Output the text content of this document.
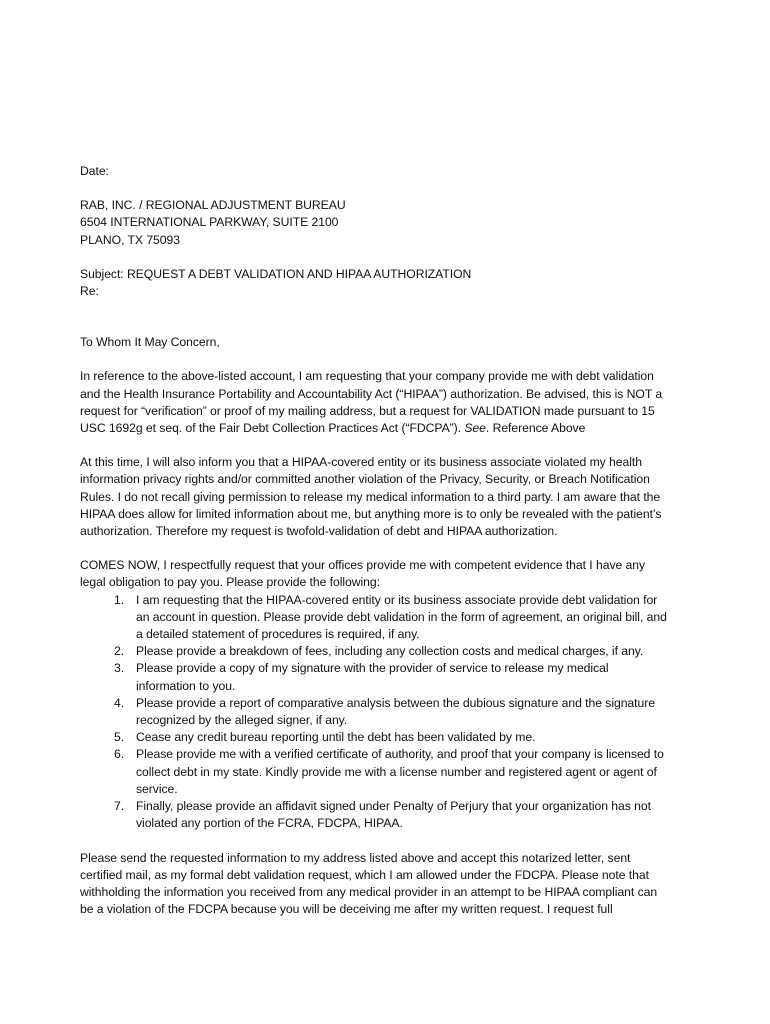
Date:
RAB, INC. / REGIONAL ADJUSTMENT BUREAU
6504 INTERNATIONAL PARKWAY, SUITE 2100
PLANO, TX 75093
Subject: REQUEST A DEBT VALIDATION AND HIPAA AUTHORIZATION
Re:
To Whom It May Concern,
In reference to the above-listed account, I am requesting that your company provide me with debt validation
and the Health Insurance Portability and Accountability Act (“HIPAA”) authorization. Be advised, this is NOT a
request for “verification” or proof of my mailing address, but a request for VALIDATION made pursuant to 15
USC 1692g et seq. of the Fair Debt Collection Practices Act (“FDCPA”). See. Reference Above
At this time, I will also inform you that a HIPAA-covered entity or its business associate violated my health
information privacy rights and/or committed another violation of the Privacy, Security, or Breach Notification
Rules. I do not recall giving permission to release my medical information to a third party. I am aware that the
HIPAA does allow for limited information about me, but anything more is to only be revealed with the patient’s
authorization. Therefore my request is twofold-validation of debt and HIPAA authorization.
COMES NOW, I respectfully request that your offices provide me with competent evidence that I have any
legal obligation to pay you. Please provide the following:
1. I am requesting that the HIPAA-covered entity or its business associate provide debt validation for
an account in question. Please provide debt validation in the form of agreement, an original bill, and
a detailed statement of procedures is required, if any.
2. Please provide a breakdown of fees, including any collection costs and medical charges, if any.
3. Please provide a copy of my signature with the provider of service to release my medical
information to you.
4. Please provide a report of comparative analysis between the dubious signature and the signature
recognized by the alleged signer, if any.
5. Cease any credit bureau reporting until the debt has been validated by me.
6. Please provide me with a verified certificate of authority, and proof that your company is licensed to
collect debt in my state. Kindly provide me with a license number and registered agent or agent of
service.
7. Finally, please provide an affidavit signed under Penalty of Perjury that your organization has not
violated any portion of the FCRA, FDCPA, HIPAA.
Please send the requested information to my address listed above and accept this notarized letter, sent
certified mail, as my formal debt validation request, which I am allowed under the FDCPA. Please note that
withholding the information you received from any medical provider in an attempt to be HIPAA compliant can
be a violation of the FDCPA because you will be deceiving me after my written request. I request full
